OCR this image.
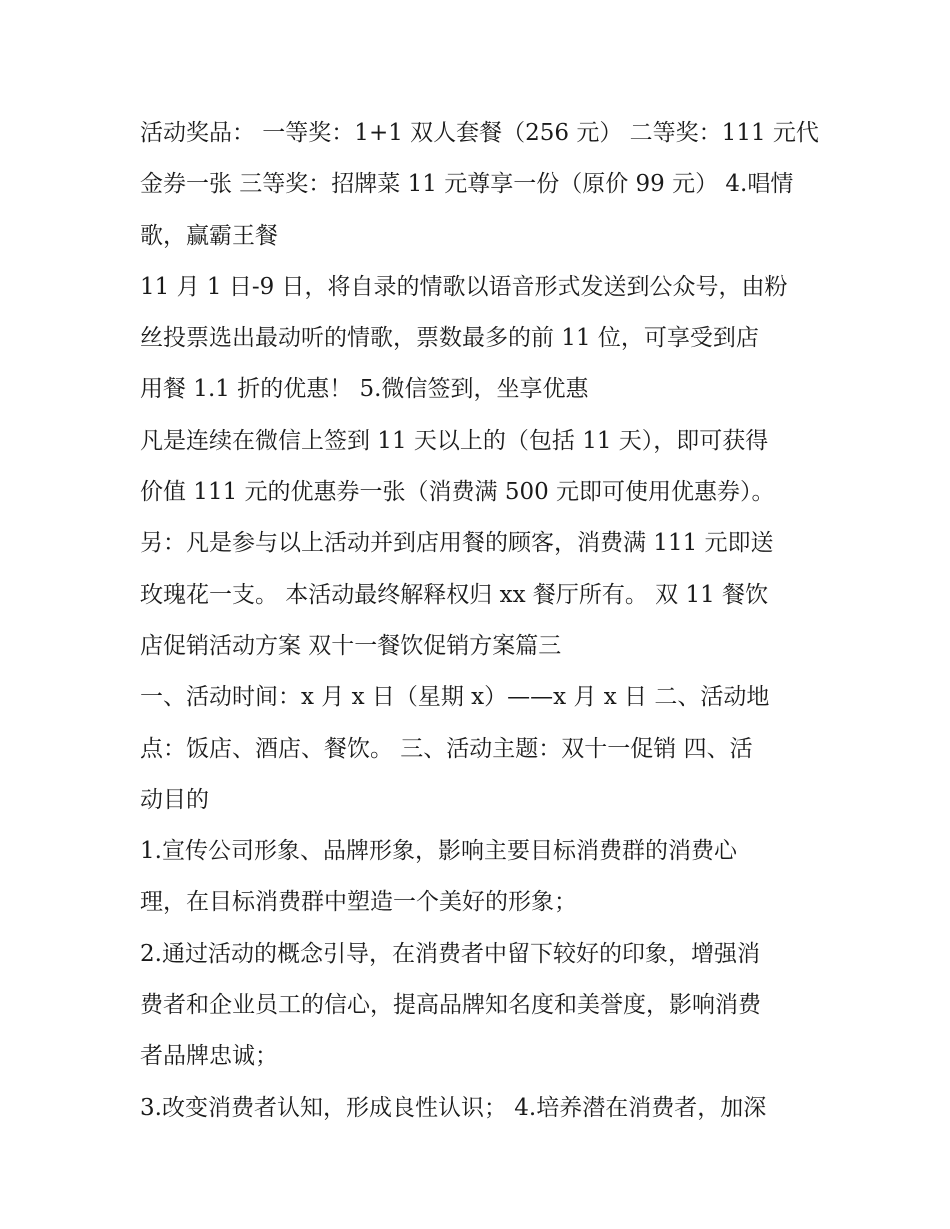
活动奖品： 一等奖：1+1 双人套餐（256 元） 二等奖：111 元代
金券一张 三等奖：招牌菜 11 元尊享一份（原价 99 元） 4.唱情
歌，赢霸王餐
11 月 1 日-9 日，将自录的情歌以语音形式发送到公众号，由粉
丝投票选出最动听的情歌，票数最多的前 11 位，可享受到店
用餐 1.1 折的优惠！ 5.微信签到，坐享优惠
凡是连续在微信上签到 11 天以上的（包括 11 天），即可获得
价值 111 元的优惠券一张（消费满 500 元即可使用优惠券）。
另：凡是参与以上活动并到店用餐的顾客，消费满 111 元即送
玫瑰花一支。 本活动最终解释权归 xx 餐厅所有。 双 11 餐饮
店促销活动方案 双十一餐饮促销方案篇三
一、活动时间：x 月 x 日（星期 x）——x 月 x 日 二、活动地
点：饭店、酒店、餐饮。 三、活动主题：双十一促销 四、活
动目的
1.宣传公司形象、品牌形象，影响主要目标消费群的消费心
理，在目标消费群中塑造一个美好的形象；
2.通过活动的概念引导，在消费者中留下较好的印象，增强消
费者和企业员工的信心，提高品牌知名度和美誉度，影响消费
者品牌忠诚；
3.改变消费者认知，形成良性认识； 4.培养潜在消费者，加深
